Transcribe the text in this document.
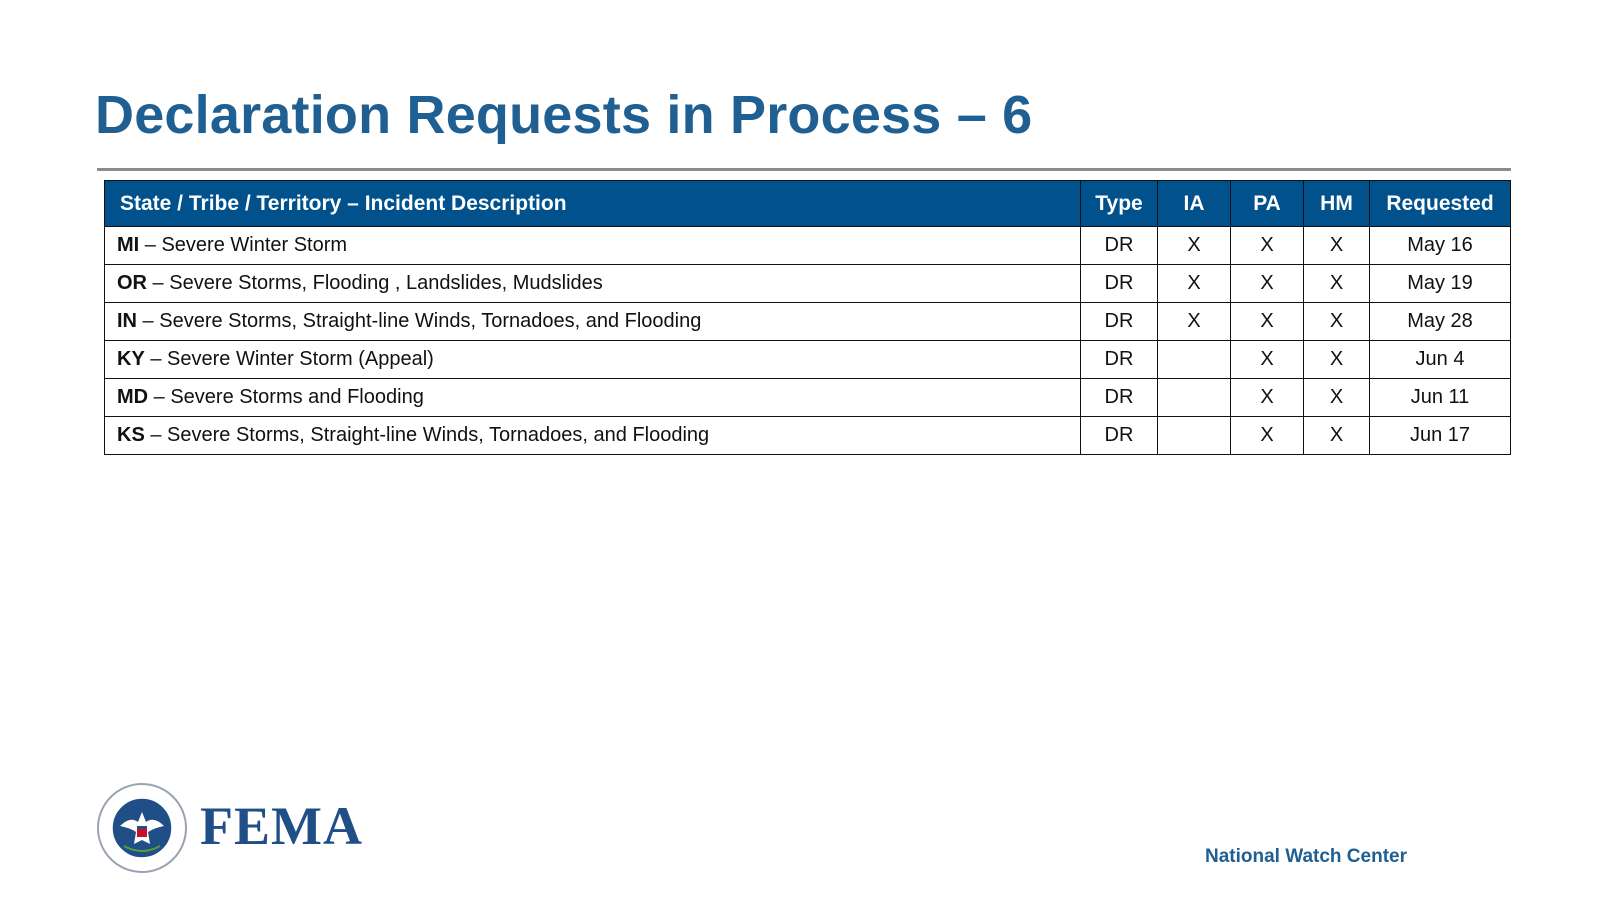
Declaration Requests in Process – 6
State / Tribe / Territory – Incident Description	Type	IA	PA	HM	Requested
MI – Severe Winter Storm	DR	X	X	X	May 16
OR – Severe Storms, Flooding , Landslides, Mudslides	DR	X	X	X	May 19
IN – Severe Storms, Straight-line Winds, Tornadoes, and Flooding	DR	X	X	X	May 28
KY – Severe Winter Storm (Appeal)	DR		X	X	Jun 4
MD – Severe Storms and Flooding	DR		X	X	Jun 11
KS – Severe Storms, Straight-line Winds, Tornadoes, and Flooding	DR		X	X	Jun 17
FEMA
National Watch Center
